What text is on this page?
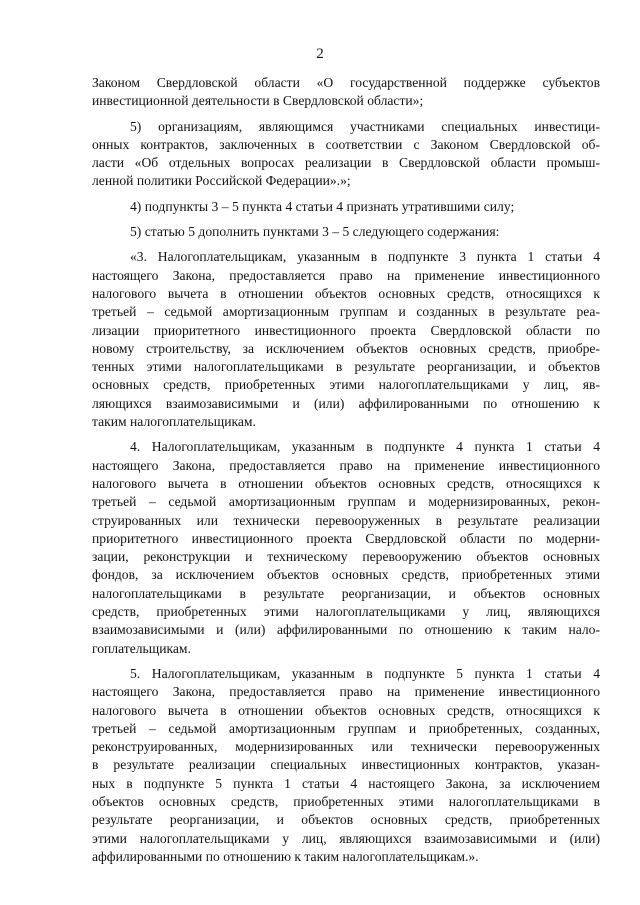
2
Законом Свердловской области «О государственной поддержке субъектов
инвестиционной деятельности в Свердловской области»;
5) организациям, являющимся участниками специальных инвестици-
онных контрактов, заключенных в соответствии с Законом Свердловской об-
ласти «Об отдельных вопросах реализации в Свердловской области промыш-
ленной политики Российской Федерации».»;
4) подпункты 3 – 5 пункта 4 статьи 4 признать утратившими силу;
5) статью 5 дополнить пунктами 3 – 5 следующего содержания:
«3. Налогоплательщикам, указанным в подпункте 3 пункта 1 статьи 4
настоящего Закона, предоставляется право на применение инвестиционного
налогового вычета в отношении объектов основных средств, относящихся к
третьей – седьмой амортизационным группам и созданных в результате реа-
лизации приоритетного инвестиционного проекта Свердловской области по
новому строительству, за исключением объектов основных средств, приобре-
тенных этими налогоплательщиками в результате реорганизации, и объектов
основных средств, приобретенных этими налогоплательщиками у лиц, яв-
ляющихся взаимозависимыми и (или) аффилированными по отношению к
таким налогоплательщикам.
4. Налогоплательщикам, указанным в подпункте 4 пункта 1 статьи 4
настоящего Закона, предоставляется право на применение инвестиционного
налогового вычета в отношении объектов основных средств, относящихся к
третьей – седьмой амортизационным группам и модернизированных, рекон-
струированных или технически перевооруженных в результате реализации
приоритетного инвестиционного проекта Свердловской области по модерни-
зации, реконструкции и техническому перевооружению объектов основных
фондов, за исключением объектов основных средств, приобретенных этими
налогоплательщиками в результате реорганизации, и объектов основных
средств, приобретенных этими налогоплательщиками у лиц, являющихся
взаимозависимыми и (или) аффилированными по отношению к таким нало-
гоплательщикам.
5. Налогоплательщикам, указанным в подпункте 5 пункта 1 статьи 4
настоящего Закона, предоставляется право на применение инвестиционного
налогового вычета в отношении объектов основных средств, относящихся к
третьей – седьмой амортизационным группам и приобретенных, созданных,
реконструированных, модернизированных или технически перевооруженных
в результате реализации специальных инвестиционных контрактов, указан-
ных в подпункте 5 пункта 1 статьи 4 настоящего Закона, за исключением
объектов основных средств, приобретенных этими налогоплательщиками в
результате реорганизации, и объектов основных средств, приобретенных
этими налогоплательщиками у лиц, являющихся взаимозависимыми и (или)
аффилированными по отношению к таким налогоплательщикам.».
